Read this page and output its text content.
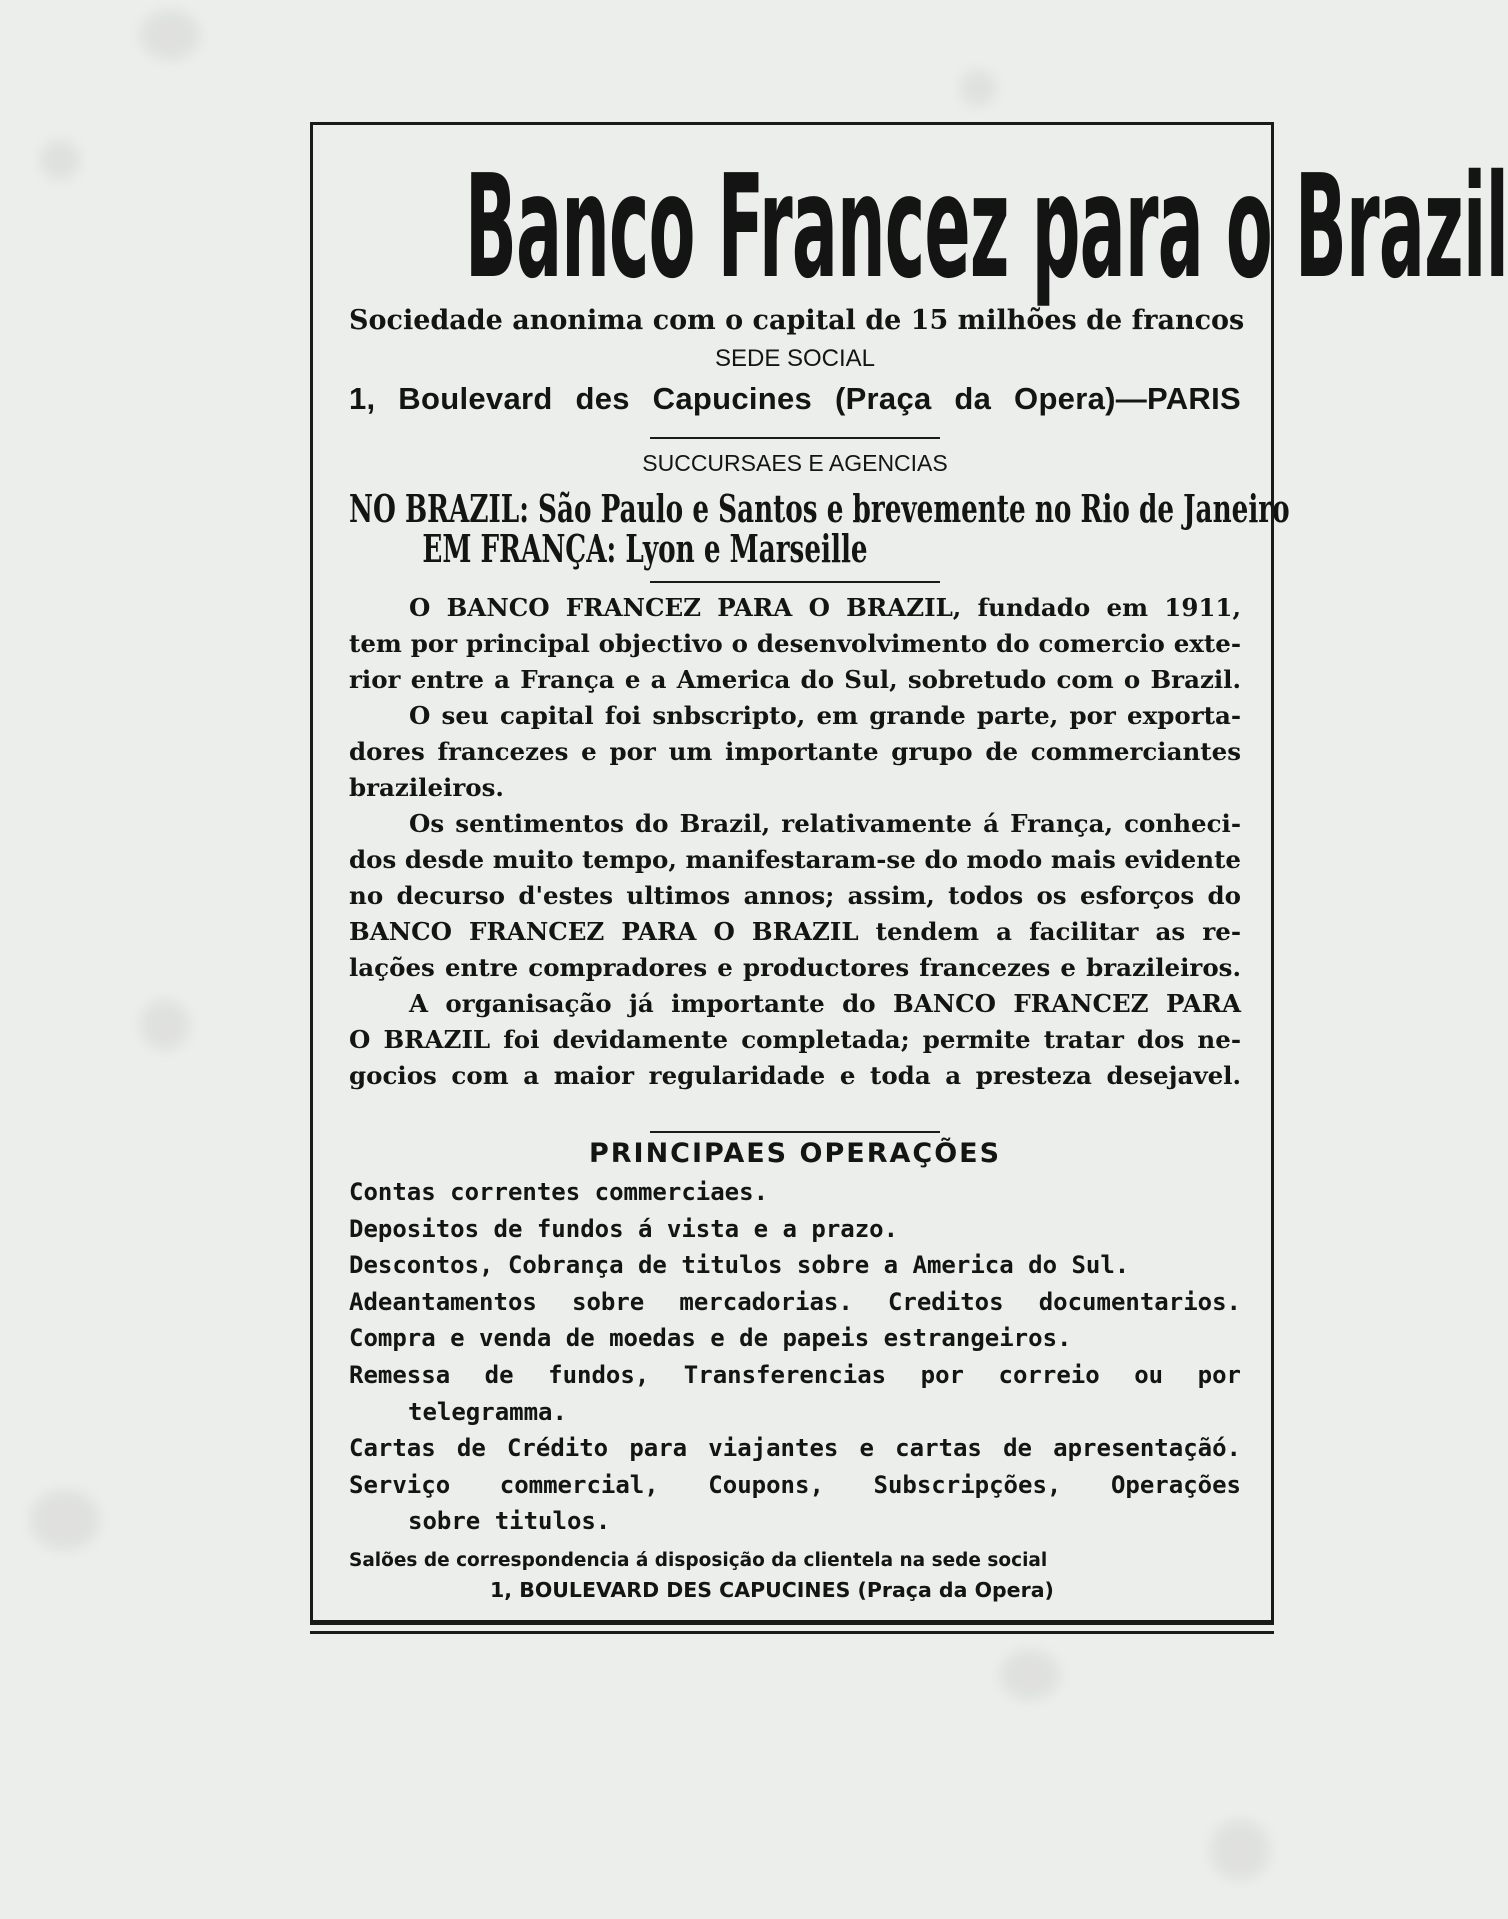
Banco Francez para o Brazil
Sociedade anonima com o capital de 15 milhões de francos
SEDE SOCIAL
1, Boulevard des Capucines (Praça da Opera)—PARIS
SUCCURSAES E AGENCIAS
NO BRAZIL: São Paulo e Santos e brevemente no Rio de Janeiro
EM FRANÇA: Lyon e Marseille
O BANCO FRANCEZ PARA O BRAZIL, fundado em 1911,
tem por principal objectivo o desenvolvimento do comercio exte-
rior entre a França e a America do Sul, sobretudo com o Brazil.
O seu capital foi snbscripto, em grande parte, por exporta-
dores francezes e por um importante grupo de commerciantes
brazileiros.
Os sentimentos do Brazil, relativamente á França, conheci-
dos desde muito tempo, manifestaram-se do modo mais evidente
no decurso d'estes ultimos annos; assim, todos os esforços do
BANCO FRANCEZ PARA O BRAZIL tendem a facilitar as re-
lações entre compradores e productores francezes e brazileiros.
A organisação já importante do BANCO FRANCEZ PARA
O BRAZIL foi devidamente completada; permite tratar dos ne-
gocios com a maior regularidade e toda a presteza desejavel.
PRINCIPAES OPERAÇÕES
Contas correntes commerciaes.
Depositos de fundos á vista e a prazo.
Descontos, Cobrança de titulos sobre a America do Sul.
Adeantamentos sobre mercadorias. Creditos documentarios.
Compra e venda de moedas e de papeis estrangeiros.
Remessa de fundos, Transferencias por correio ou por
telegramma.
Cartas de Crédito para viajantes e cartas de apresentaçãó.
Serviço commercial, Coupons, Subscripções, Operações
sobre titulos.
Salões de correspondencia á disposição da clientela na sede social
1, BOULEVARD DES CAPUCINES (Praça da Opera)
